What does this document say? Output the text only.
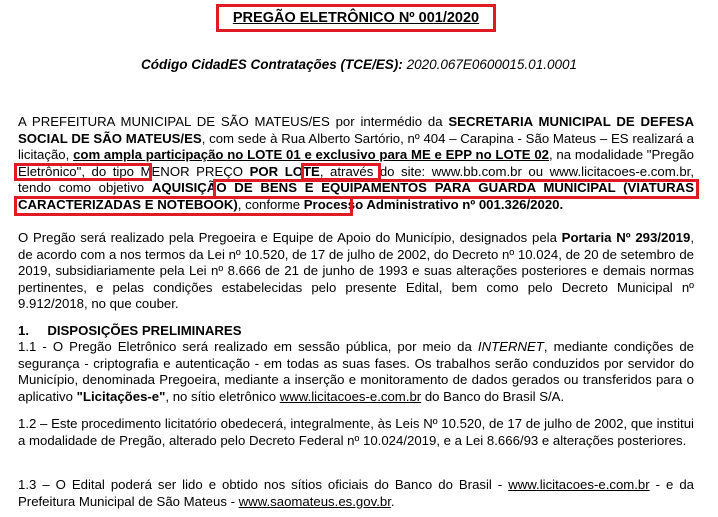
PREGÃO ELETRÔNICO Nº 001/2020
Código CidadES Contratações (TCE/ES): 2020.067E0600015.01.0001
A PREFEITURA MUNICIPAL DE SÃO MATEUS/ES por intermédio da SECRETARIA MUNICIPAL DE DEFESA SOCIAL DE SÃO MATEUS/ES, com sede à Rua Alberto Sartório, nº 404 – Carapina - São Mateus – ES realizará a licitação, com ampla participação no LOTE 01 e exclusivo para ME e EPP no LOTE 02, na modalidade "Pregão Eletrônico", do tipo MENOR PREÇO POR LOTE, através do site: www.bb.com.br ou www.licitacoes-e.com.br, tendo como objetivo AQUISIÇÃO DE BENS E EQUIPAMENTOS PARA GUARDA MUNICIPAL (VIATURAS CARACTERIZADAS E NOTEBOOK), conforme Processo Administrativo nº 001.326/2020.
O Pregão será realizado pela Pregoeira e Equipe de Apoio do Município, designados pela Portaria Nº 293/2019, de acordo com a nos termos da Lei nº 10.520, de 17 de julho de 2002, do Decreto nº 10.024, de 20 de setembro de 2019, subsidiariamente pela Lei nº 8.666 de 21 de junho de 1993 e suas alterações posteriores e demais normas pertinentes, e pelas condições estabelecidas pelo presente Edital, bem como pelo Decreto Municipal nº 9.912/2018, no que couber.
1. DISPOSIÇÕES PRELIMINARES
1.1 - O Pregão Eletrônico será realizado em sessão pública, por meio da INTERNET, mediante condições de segurança - criptografia e autenticação - em todas as suas fases. Os trabalhos serão conduzidos por servidor do Município, denominada Pregoeira, mediante a inserção e monitoramento de dados gerados ou transferidos para o aplicativo "Licitações-e", no sítio eletrônico www.licitacoes-e.com.br do Banco do Brasil S/A.
1.2 – Este procedimento licitatório obedecerá, integralmente, às Leis Nº 10.520, de 17 de julho de 2002, que institui a modalidade de Pregão, alterado pelo Decreto Federal nº 10.024/2019, e a Lei 8.666/93 e alterações posteriores.
1.3 – O Edital poderá ser lido e obtido nos sítios oficiais do Banco do Brasil - www.licitacoes-e.com.br - e da Prefeitura Municipal de São Mateus - www.saomateus.es.gov.br.
